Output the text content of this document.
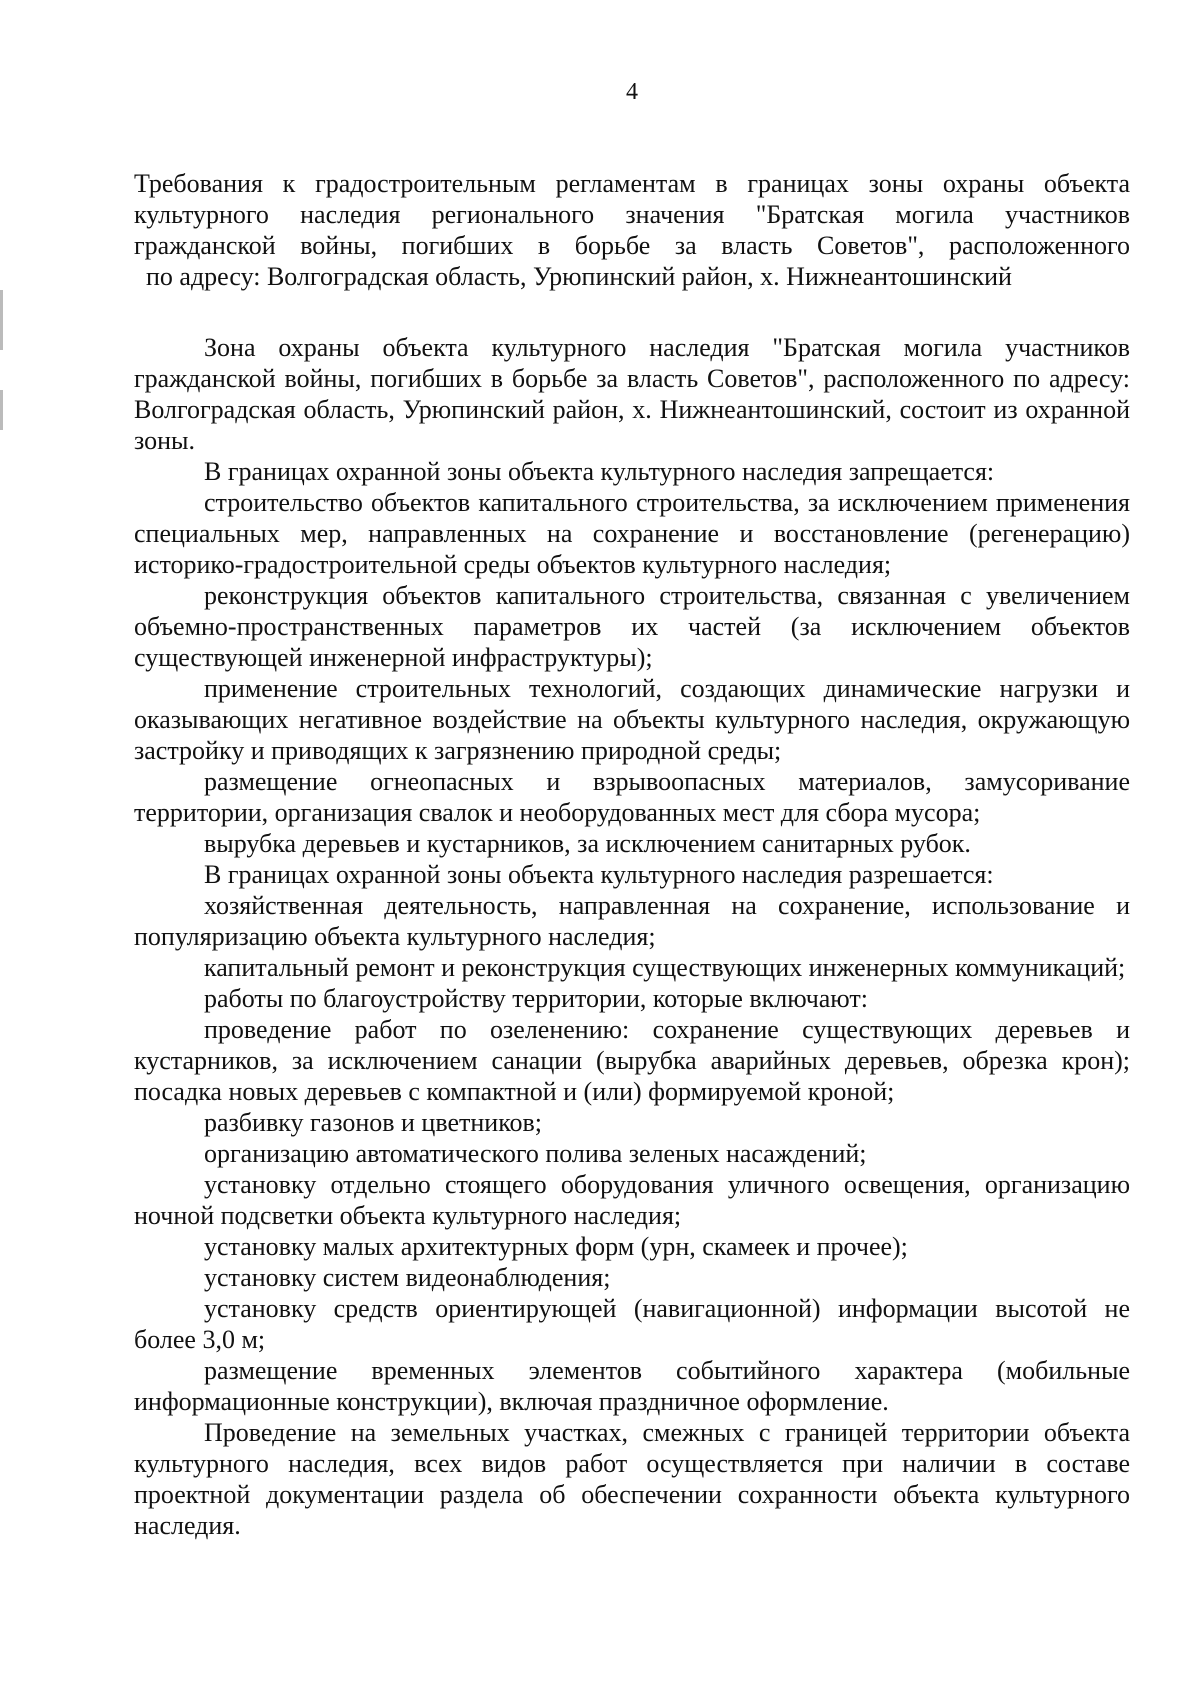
4
Требования к градостроительным регламентам в границах зоны охраны объекта
культурного наследия регионального значения "Братская могила участников
гражданской войны, погибших в борьбе за власть Советов", расположенного
по адресу: Волгоградская область, Урюпинский район, х. Нижнеантошинский

Зона охраны объекта культурного наследия "Братская могила участников гражданской войны, погибших в борьбе за власть Советов", расположенного по адресу: Волгоградская область, Урюпинский район, х. Нижнеантошинский, состоит из охранной зоны.

В границах охранной зоны объекта культурного наследия запрещается:

строительство объектов капитального строительства, за исключением применения специальных мер, направленных на сохранение и восстановление (регенерацию) историко-градостроительной среды объектов культурного наследия;

реконструкция объектов капитального строительства, связанная с увеличением объемно-пространственных параметров их частей (за исключением объектов существующей инженерной инфраструктуры);

применение строительных технологий, создающих динамические нагрузки и оказывающих негативное воздействие на объекты культурного наследия, окружающую застройку и приводящих к загрязнению природной среды;

размещение огнеопасных и взрывоопасных материалов, замусоривание территории, организация свалок и необорудованных мест для сбора мусора;

вырубка деревьев и кустарников, за исключением санитарных рубок.

В границах охранной зоны объекта культурного наследия разрешается:

хозяйственная деятельность, направленная на сохранение, использование и популяризацию объекта культурного наследия;

капитальный ремонт и реконструкция существующих инженерных коммуникаций;

работы по благоустройству территории, которые включают:

проведение работ по озеленению: сохранение существующих деревьев и кустарников, за исключением санации (вырубка аварийных деревьев, обрезка крон); посадка новых деревьев с компактной и (или) формируемой кроной;

разбивку газонов и цветников;

организацию автоматического полива зеленых насаждений;

установку отдельно стоящего оборудования уличного освещения, организацию ночной подсветки объекта культурного наследия;

установку малых архитектурных форм (урн, скамеек и прочее);

установку систем видеонаблюдения;

установку средств ориентирующей (навигационной) информации высотой не более 3,0 м;

размещение временных элементов событийного характера (мобильные информационные конструкции), включая праздничное оформление.

Проведение на земельных участках, смежных с границей территории объекта культурного наследия, всех видов работ осуществляется при наличии в составе проектной документации раздела об обеспечении сохранности объекта культурного наследия.
